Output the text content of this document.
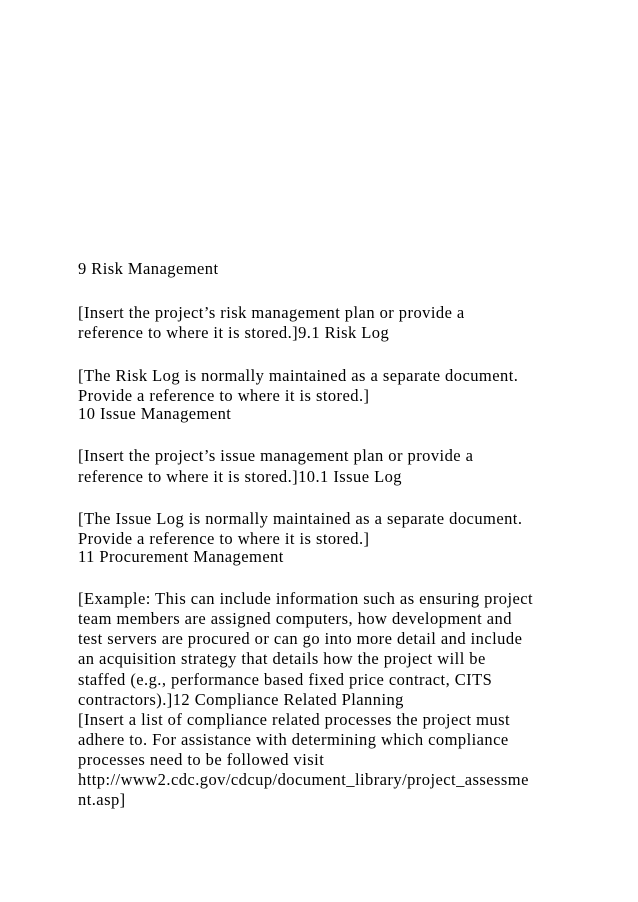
9 Risk Management
[Insert the project’s risk management plan or provide a
reference to where it is stored.]9.1 Risk Log
[The Risk Log is normally maintained as a separate document.
Provide a reference to where it is stored.]
10 Issue Management
[Insert the project’s issue management plan or provide a
reference to where it is stored.]10.1 Issue Log
[The Issue Log is normally maintained as a separate document.
Provide a reference to where it is stored.]
11 Procurement Management
[Example: This can include information such as ensuring project
team members are assigned computers, how development and
test servers are procured or can go into more detail and include
an acquisition strategy that details how the project will be
staffed (e.g., performance based fixed price contract, CITS
contractors).]12 Compliance Related Planning
[Insert a list of compliance related processes the project must
adhere to. For assistance with determining which compliance
processes need to be followed visit
http://www2.cdc.gov/cdcup/document_library/project_assessme
nt.asp]
